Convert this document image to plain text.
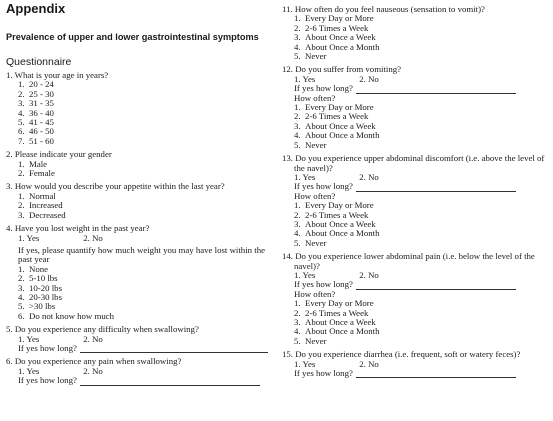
Appendix
Prevalence of upper and lower gastrointestinal symptoms
Questionnaire
1. What is your age in years?
1. 20 - 24
2. 25 - 30
3. 31 - 35
4. 36 - 40
5. 41 - 45
6. 46 - 50
7. 51 - 60
2. Please indicate your gender
1. Male
2. Female
3. How would you describe your appetite within the last year?
1. Normal
2. Increased
3. Decreased
4. Have you lost weight in the past year?
1. Yes	2. No
If yes, please quantify how much weight you may have lost within the past year
1. None
2. 5-10 lbs
3. 10-20 lbs
4. 20-30 lbs
5. >30 lbs
6. Do not know how much
5. Do you experience any difficulty when swallowing?
1. Yes	2. No
If yes how long?
6. Do you experience any pain when swallowing?
1. Yes	2. No
If yes how long?
11. How often do you feel nauseous (sensation to vomit)?
1. Every Day or More
2. 2-6 Times a Week
3. About Once a Week
4. About Once a Month
5. Never
12. Do you suffer from vomiting?
1. Yes	2. No
If yes how long?
How often?
1. Every Day or More
2. 2-6 Times a Week
3. About Once a Week
4. About Once a Month
5. Never
13. Do you experience upper abdominal discomfort (i.e. above the level of the navel)?
1. Yes	2. No
If yes how long?
How often?
1. Every Day or More
2. 2-6 Times a Week
3. About Once a Week
4. About Once a Month
5. Never
14. Do you experience lower abdominal pain (i.e. below the level of the navel)?
1. Yes	2. No
If yes how long?
How often?
1. Every Day or More
2. 2-6 Times a Week
3. About Once a Week
4. About Once a Month
5. Never
15. Do you experience diarrhea (i.e. frequent, soft or watery feces)?
1. Yes	2. No
If yes how long?
